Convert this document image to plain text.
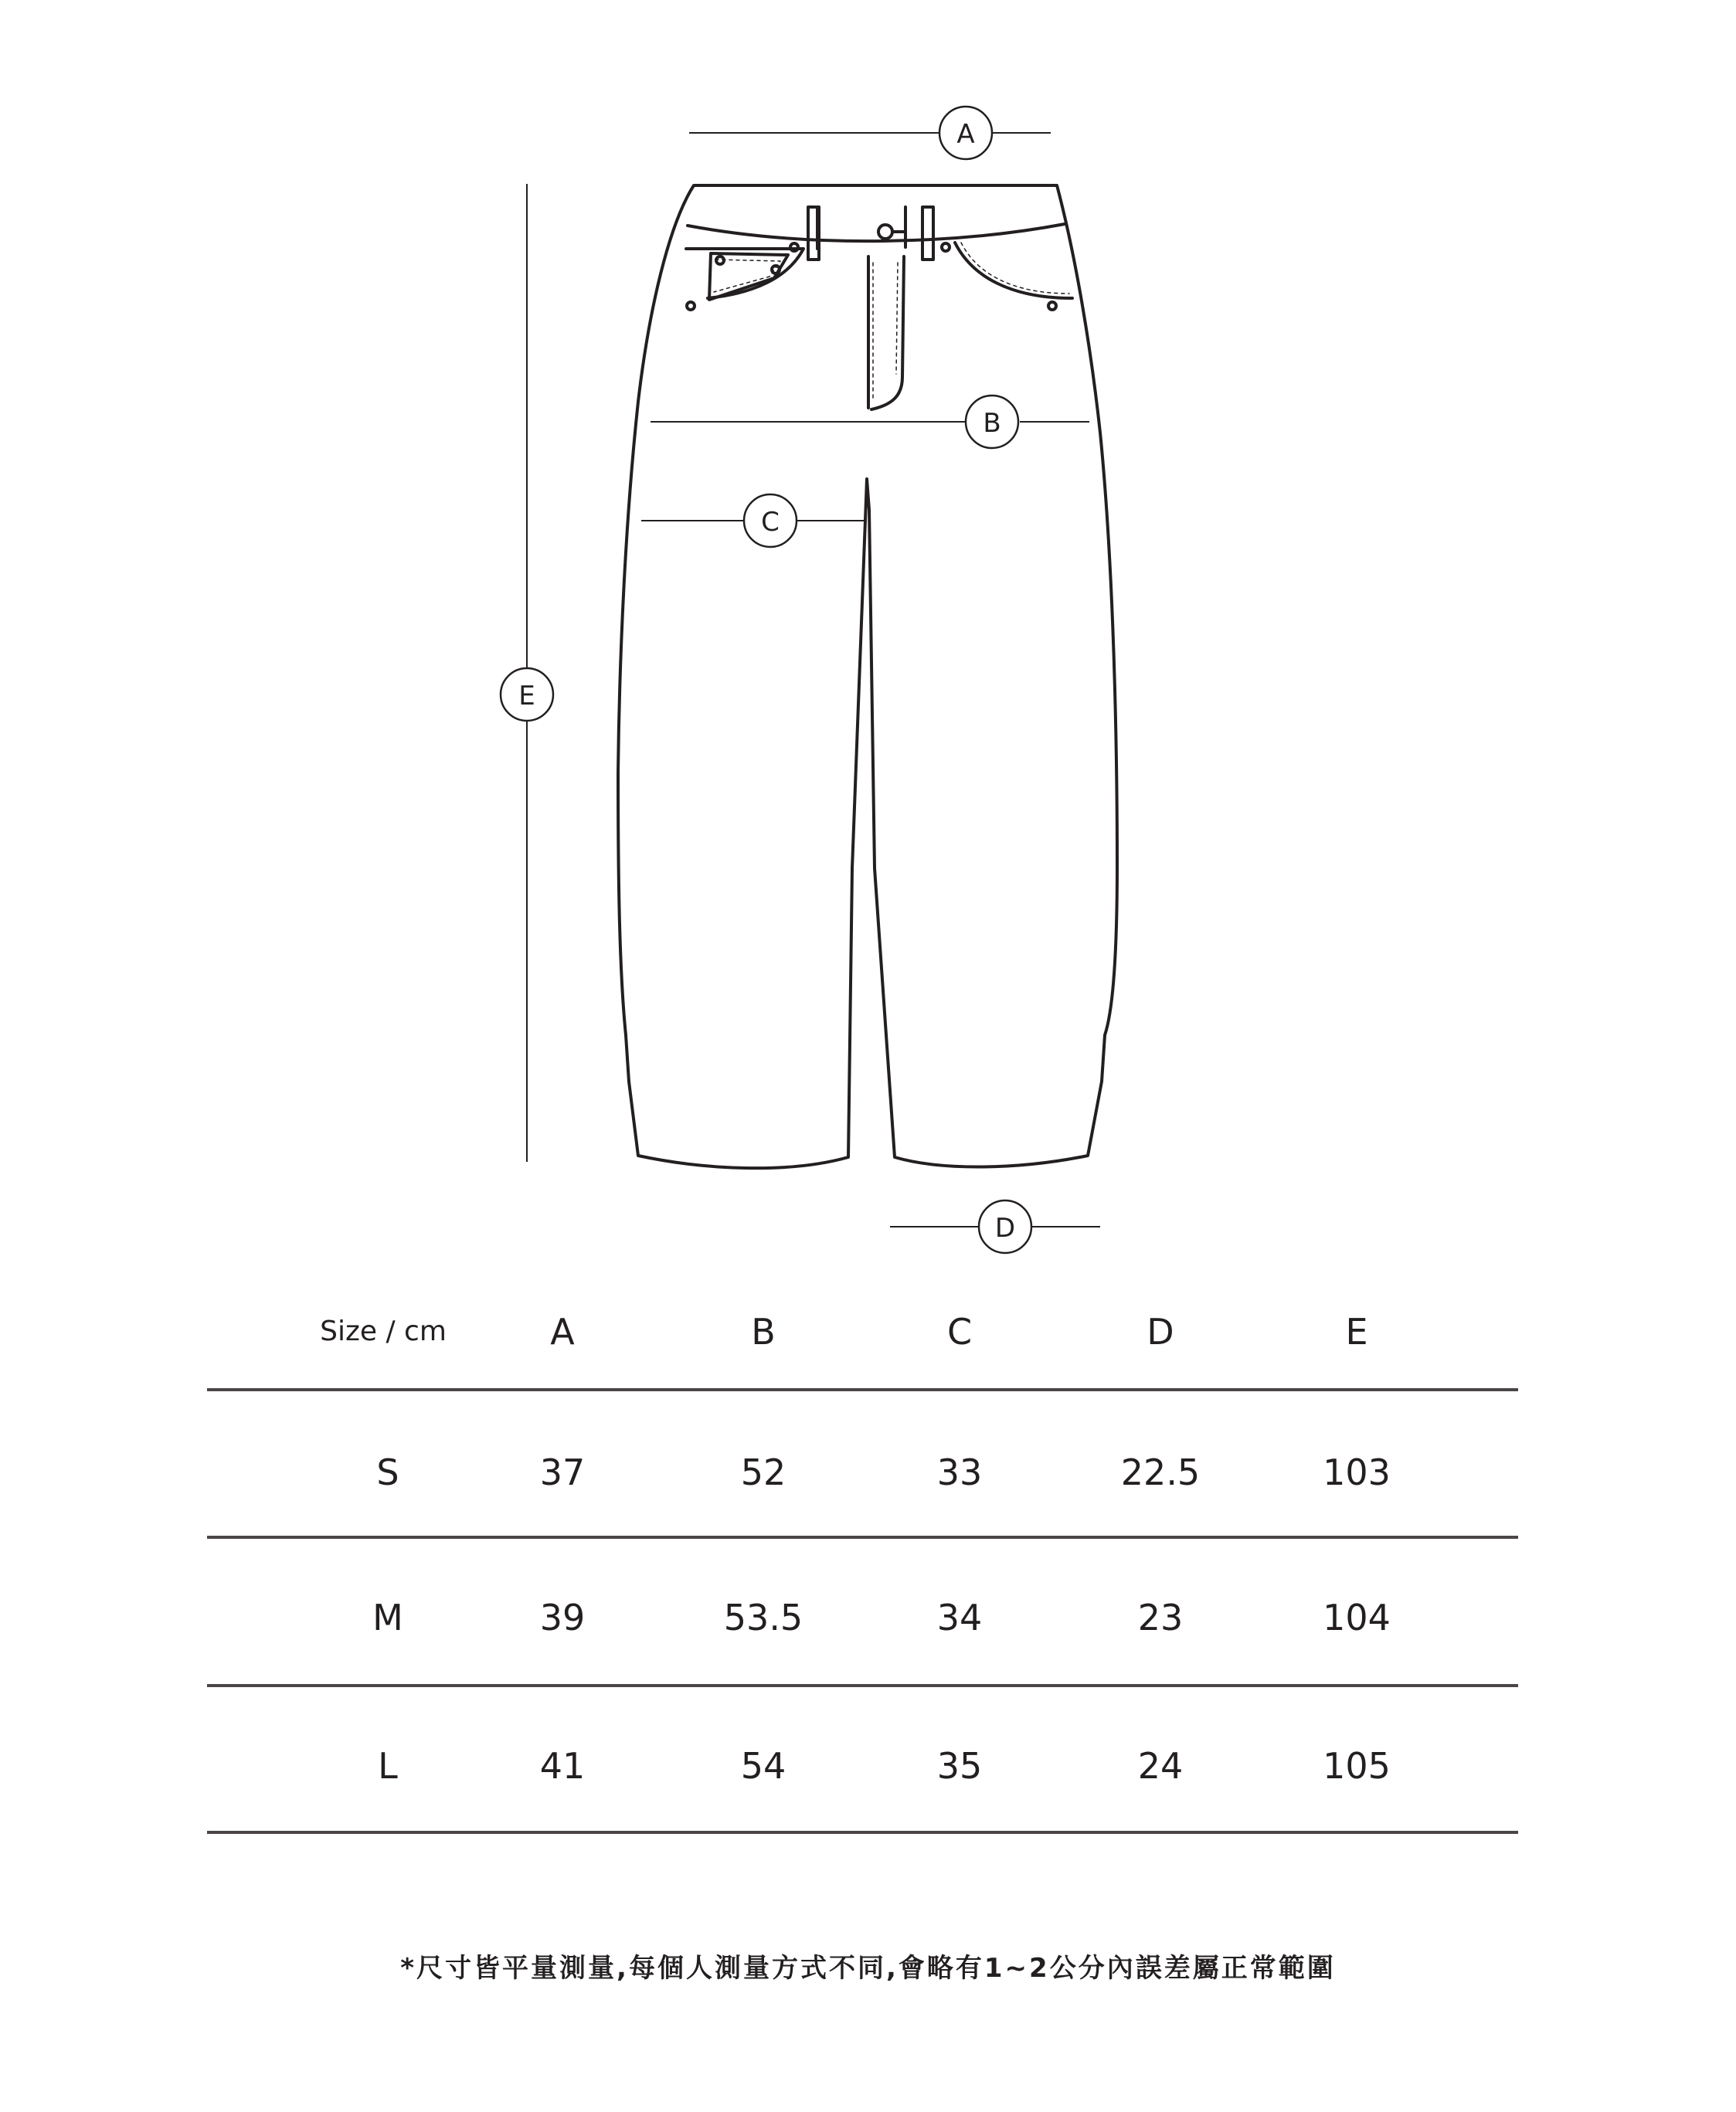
A
B
C
D
E
Size / cm	A	B	C	D	E
S	37	52	33	22.5	103
M	39	53.5	34	23	104
L	41	54	35	24	105
*尺寸皆平量測量,每個人測量方式不同,會略有1~2公分內誤差屬正常範圍
